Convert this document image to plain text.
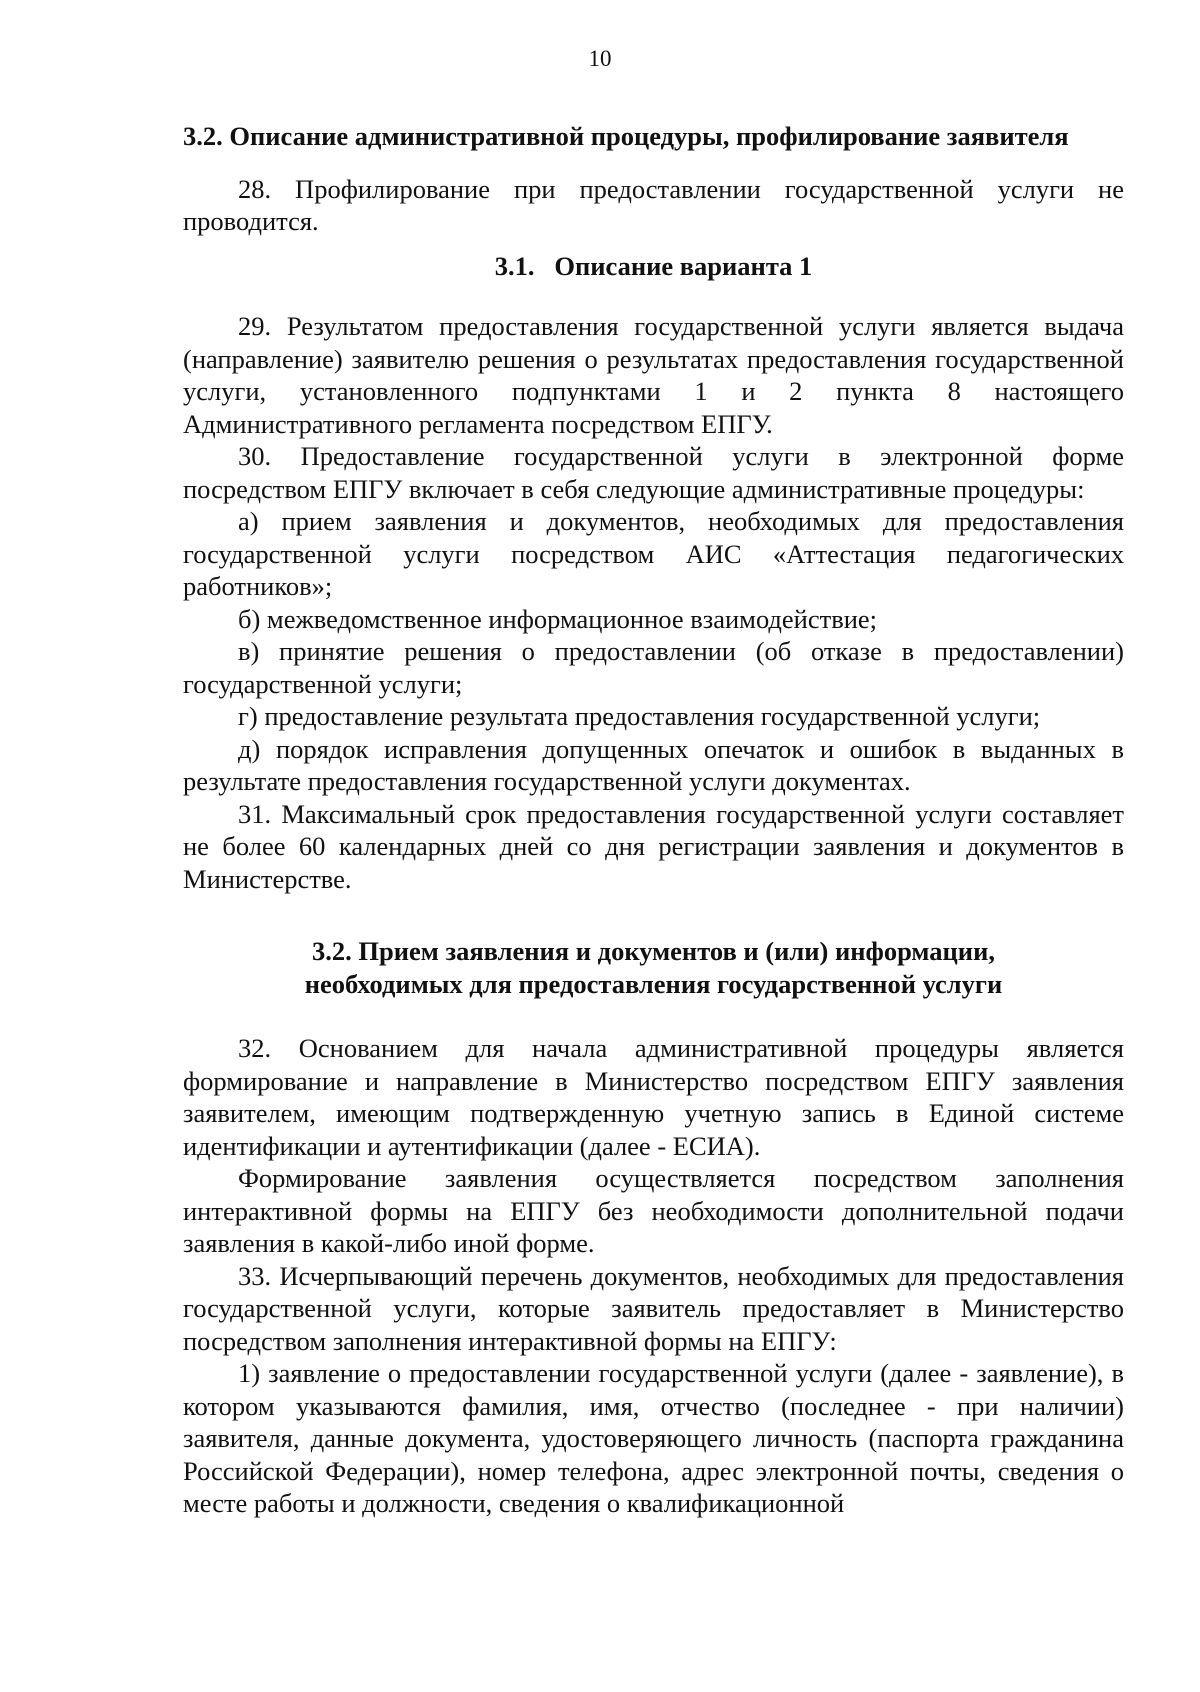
10

3.2. Описание административной процедуры, профилирование заявителя

28. Профилирование при предоставлении государственной услуги не проводится.

3.1.   Описание варианта 1

29. Результатом предоставления государственной услуги является выдача (направление) заявителю решения о результатах предоставления государственной услуги, установленного подпунктами 1 и 2 пункта 8 настоящего Административного регламента посредством ЕПГУ.

30. Предоставление государственной услуги в электронной форме посредством ЕПГУ включает в себя следующие административные процедуры:

а) прием заявления и документов, необходимых для предоставления государственной услуги посредством АИС «Аттестация педагогических работников»;

б) межведомственное информационное взаимодействие;

в) принятие решения о предоставлении (об отказе в предоставлении) государственной услуги;

г) предоставление результата предоставления государственной услуги;

д) порядок исправления допущенных опечаток и ошибок в выданных в результате предоставления государственной услуги документах.

31. Максимальный срок предоставления государственной услуги составляет не более 60 календарных дней со дня регистрации заявления и документов в Министерстве.

3.2. Прием заявления и документов и (или) информации,

необходимых для предоставления государственной услуги

32. Основанием для начала административной процедуры является формирование и направление в Министерство посредством ЕПГУ заявления заявителем, имеющим подтвержденную учетную запись в Единой системе идентификации и аутентификации (далее - ЕСИА).

Формирование заявления осуществляется посредством заполнения интерактивной формы на ЕПГУ без необходимости дополнительной подачи заявления в какой-либо иной форме.

33. Исчерпывающий перечень документов, необходимых для предоставления государственной услуги, которые заявитель предоставляет в Министерство посредством заполнения интерактивной формы на ЕПГУ:

1) заявление о предоставлении государственной услуги (далее - заявление), в котором указываются фамилия, имя, отчество (последнее - при наличии) заявителя, данные документа, удостоверяющего личность (паспорта гражданина Российской Федерации), номер телефона, адрес электронной почты, сведения о месте работы и должности, сведения о квалификационной
